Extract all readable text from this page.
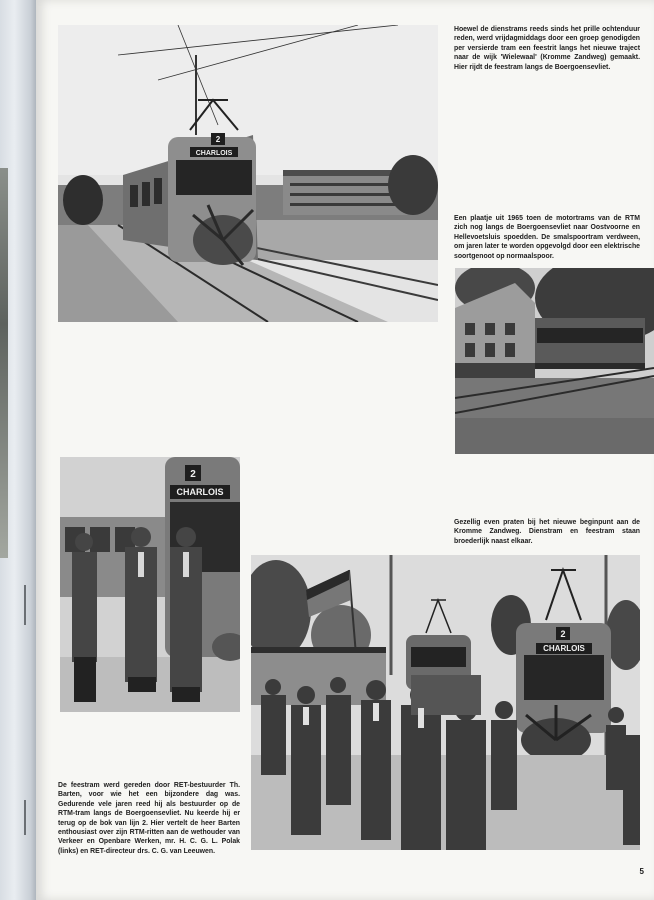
CHARLOIS
2
Hoewel de dienstrams reeds sinds het prille ochtenduur reden, werd vrijdagmiddags door een groep genodigden per versierde tram een feestrit langs het nieuwe traject naar de wijk 'Wielewaal' (Kromme Zandweg) gemaakt. Hier rijdt de feestram langs de Boergoensevliet.
Een plaatje uit 1965 toen de motortrams van de RTM zich nog langs de Boergoensevliet naar Oostvoorne en Hellevoetsluis spoedden. De smalspoortram verdween, om jaren later te worden opgevolgd door een elektrische soortgenoot op normaalspoor.
CHARLOIS
2
Gezellig even praten bij het nieuwe beginpunt aan de Kromme Zandweg. Dienstram en feestram staan broederlijk naast elkaar.
CHARLOIS
2
De feestram werd gereden door RET-bestuurder Th. Barten, voor wie het een bijzondere dag was. Gedurende vele jaren reed hij als bestuurder op de RTM-tram langs de Boergoensevliet. Nu keerde hij er terug op de bok van lijn 2. Hier vertelt de heer Barten enthousiast over zijn RTM-ritten aan de wethouder van Verkeer en Openbare Werken, mr. H. C. G. L. Polak (links) en RET-directeur drs. C. G. van Leeuwen.
5
